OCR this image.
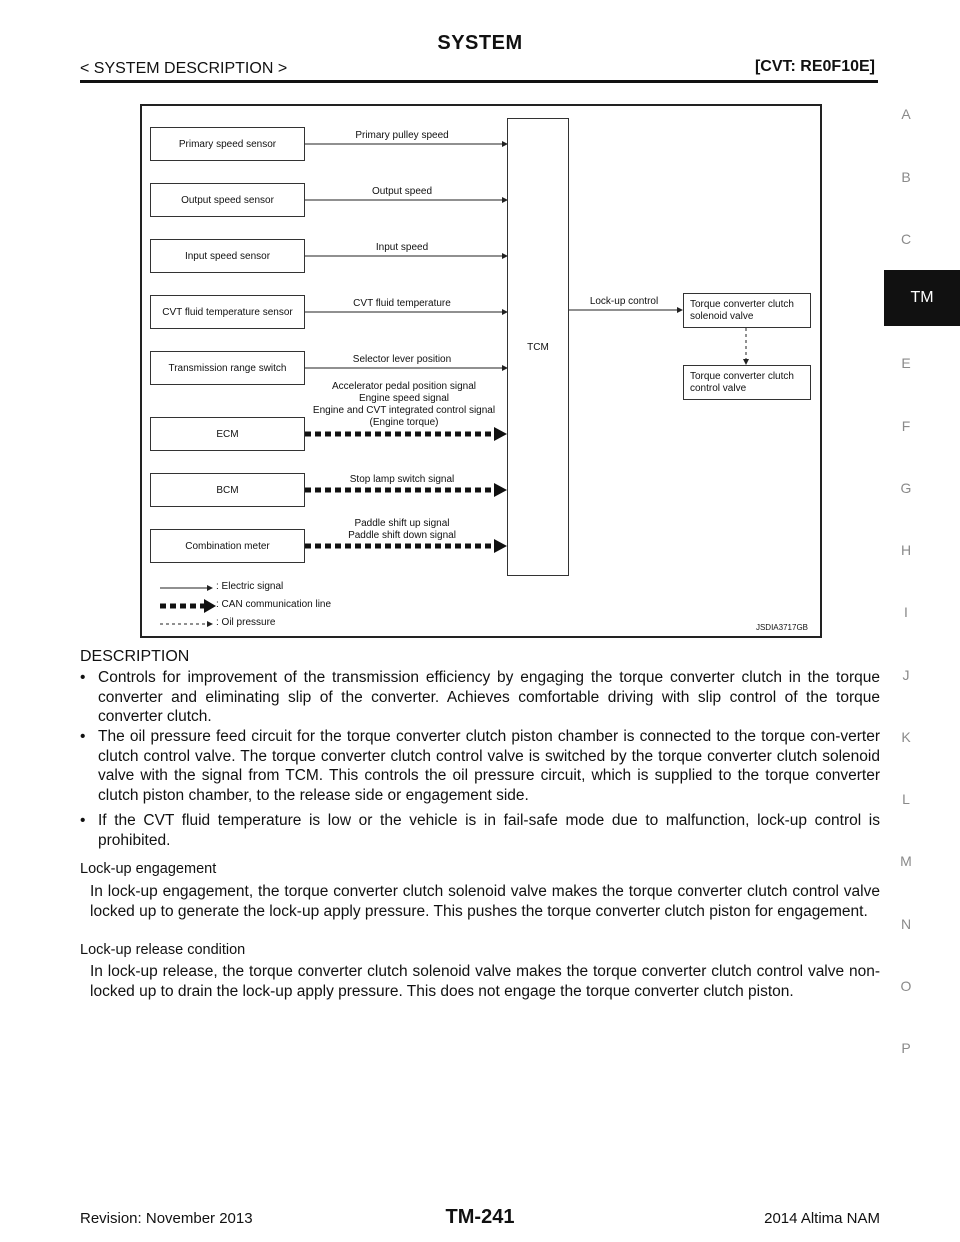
SYSTEM
< SYSTEM DESCRIPTION >	[CVT: RE0F10E]
A
B
C
TM
E
F
G
H
I
J
K
L
M
N
O
P
Primary speed sensor
Output speed sensor
Input speed sensor
CVT fluid temperature sensor
Transmission range switch
ECM
BCM
Combination meter
Primary pulley speed
Output speed
Input speed
CVT fluid temperature
Selector lever position
Accelerator pedal position signal
Engine speed signal
Engine and CVT integrated control signal
(Engine torque)
Stop lamp switch signal
Paddle shift up signal
Paddle shift down signal
TCM
Lock-up control	Torque converter clutch solenoid valve
Torque converter clutch control valve
: Electric signal
: CAN communication line
: Oil pressure	JSDIA3717GB
DESCRIPTION
• Controls for improvement of the transmission efficiency by engaging the torque converter clutch in the torque converter and eliminating slip of the converter. Achieves comfortable driving with slip control of the torque converter clutch.
• The oil pressure feed circuit for the torque converter clutch piston chamber is connected to the torque con-verter clutch control valve. The torque converter clutch control valve is switched by the torque converter clutch solenoid valve with the signal from TCM. This controls the oil pressure circuit, which is supplied to the torque converter clutch piston chamber, to the release side or engagement side.
• If the CVT fluid temperature is low or the vehicle is in fail-safe mode due to malfunction, lock-up control is prohibited.
Lock-up engagement
In lock-up engagement, the torque converter clutch solenoid valve makes the torque converter clutch control valve locked up to generate the lock-up apply pressure. This pushes the torque converter clutch piston for engagement.
Lock-up release condition
In lock-up release, the torque converter clutch solenoid valve makes the torque converter clutch control valve non-locked up to drain the lock-up apply pressure. This does not engage the torque converter clutch piston.
Revision: November 2013	TM-241	2014 Altima NAM
